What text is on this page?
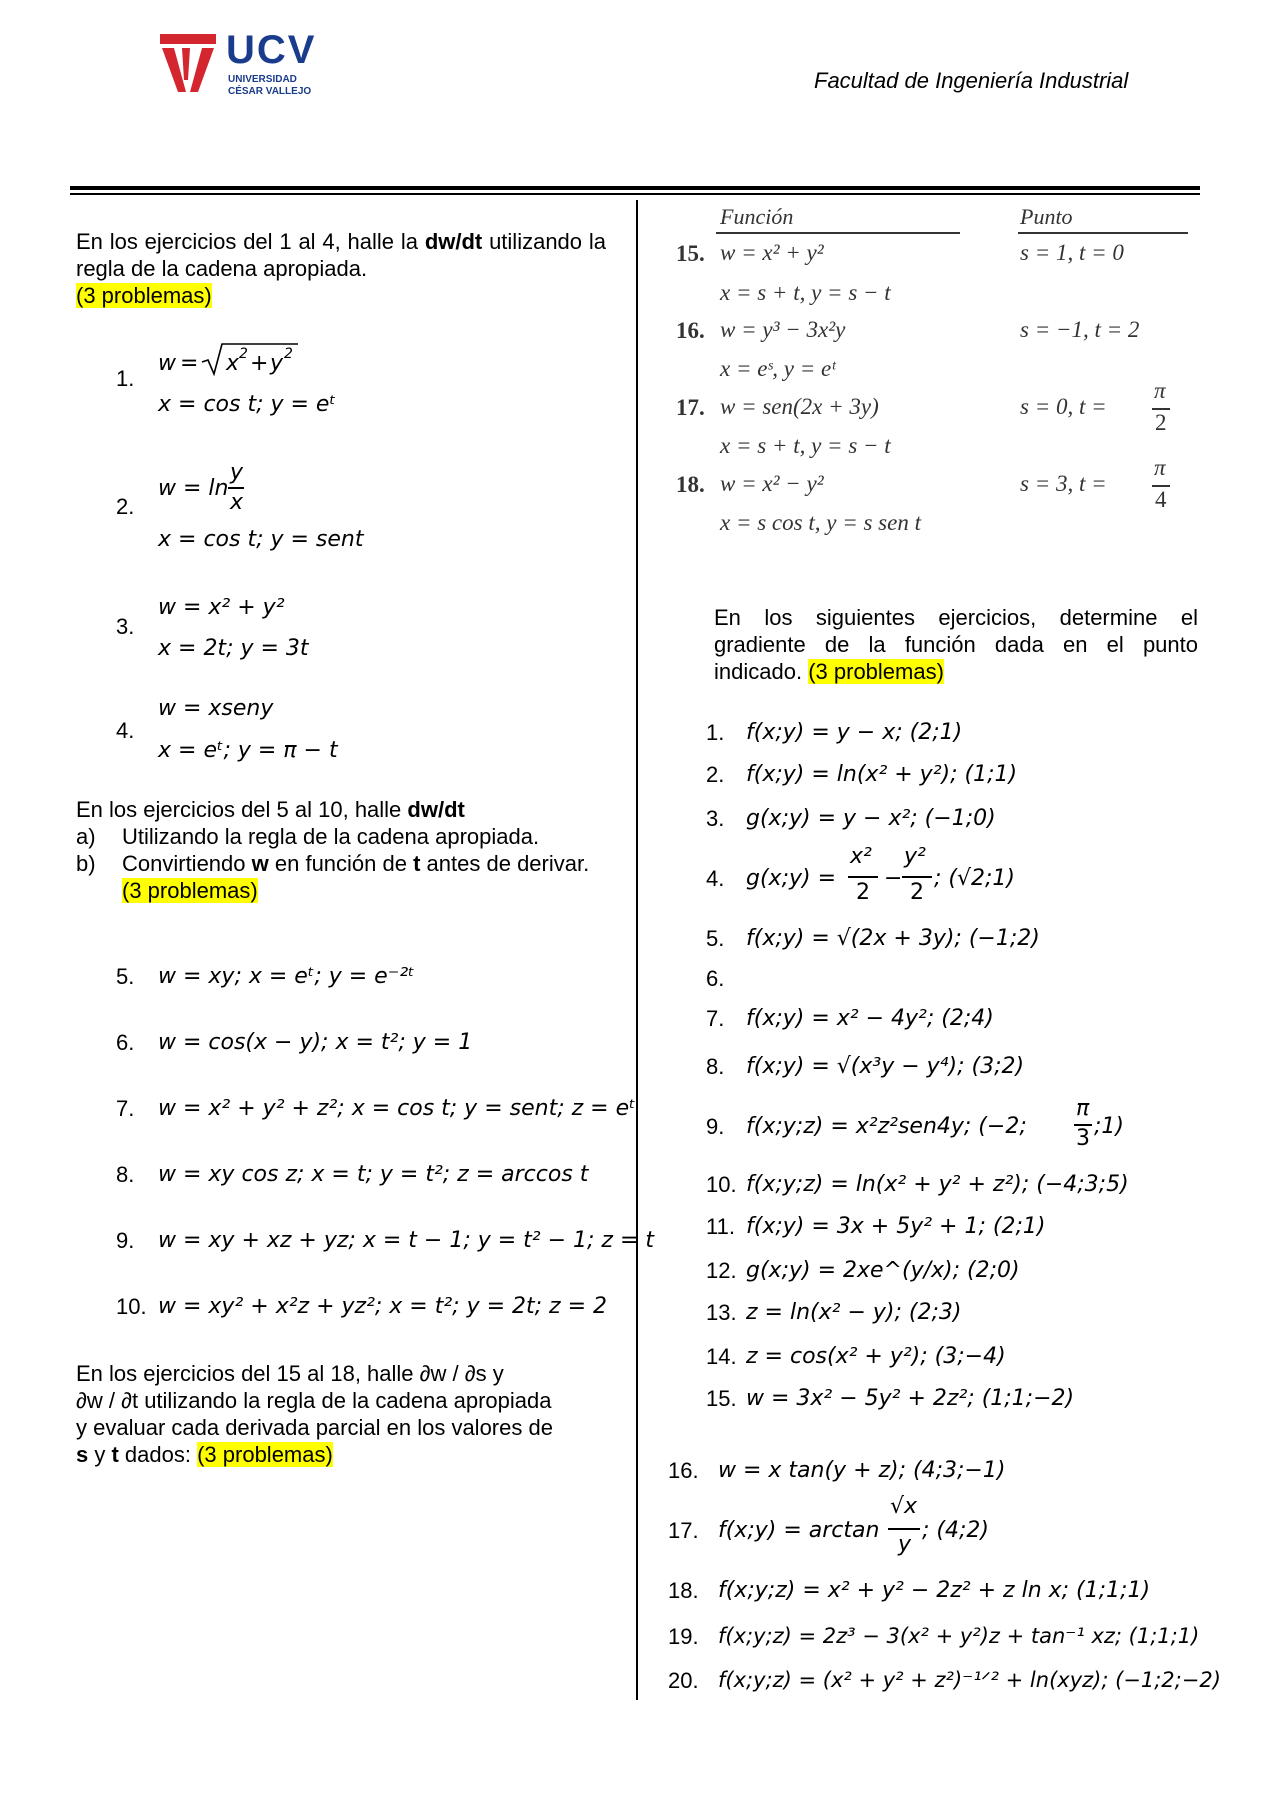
UCV
UNIVERSIDAD
CÉSAR VALLEJO	Facultad de Ingeniería Industrial
En los ejercicios del 1 al 4, halle la dw/dt utilizando la regla de la cadena apropiada.
(3 problemas)
1.
w = x 2 + y 2
x = cos t; y = eᵗ
2.
w = ln
y
x
x = cos t; y = sent
3.
w = x² + y²
x = 2t; y = 3t
4.
w = xseny
x = eᵗ; y = π − t
En los ejercicios del 5 al 10, halle dw/dt
a) Utilizando la regla de la cadena apropiada.
b) Convirtiendo w en función de t antes de derivar.
(3 problemas)
5. w = xy; x = eᵗ; y = e⁻²ᵗ
6. w = cos(x − y); x = t²; y = 1
7. w = x² + y² + z²; x = cos t; y = sent; z = eᵗ
8. w = xy cos z; x = t; y = t²; z = arccos t
9. w = xy + xz + yz; x = t − 1; y = t² − 1; z = t
10. w = xy² + x²z + yz²; x = t²; y = 2t; z = 2
En los ejercicios del 15 al 18, halle ∂w / ∂s y
∂w / ∂t utilizando la regla de la cadena apropiada
y evaluar cada derivada parcial en los valores de
s y t dados: (3 problemas)
Función	Punto
15. w = x² + y²	s = 1, t = 0
x = s + t, y = s − t
16. w = y³ − 3x²y	s = −1, t = 2
x = eˢ, y = eᵗ
17. w = sen(2x + 3y)	s = 0, t =
π
2
x = s + t, y = s − t
18. w = x² − y²	s = 3, t =
π
4
x = s cos t, y = s sen t
En los siguientes ejercicios, determine el gradiente de la función dada en el punto indicado. (3 problemas)
1. f(x;y) = y − x; (2;1)
2. f(x;y) = ln(x² + y²); (1;1)
3. g(x;y) = y − x²; (−1;0)
4. g(x;y) =
x²
2
−
y²
2
; (√2;1)
5. f(x;y) = √(2x + 3y); (−1;2)
6.
7. f(x;y) = x² − 4y²; (2;4)
8. f(x;y) = √(x³y − y⁴); (3;2)
9. f(x;y;z) = x²z²sen4y; (−2;
π
3 ;1)
10. f(x;y;z) = ln(x² + y² + z²); (−4;3;5)
11. f(x;y) = 3x + 5y² + 1; (2;1)
12. g(x;y) = 2xe^(y/x); (2;0)
13. z = ln(x² − y); (2;3)
14. z = cos(x² + y²); (3;−4)
15. w = 3x² − 5y² + 2z²; (1;1;−2)
16. w = x tan(y + z); (4;3;−1)
17. f(x;y) = arctan
√x
y
; (4;2)
18. f(x;y;z) = x² + y² − 2z² + z ln x; (1;1;1)
19. f(x;y;z) = 2z³ − 3(x² + y²)z + tan⁻¹ xz; (1;1;1)
20. f(x;y;z) = (x² + y² + z²)⁻¹ᐟ² + ln(xyz); (−1;2;−2)
